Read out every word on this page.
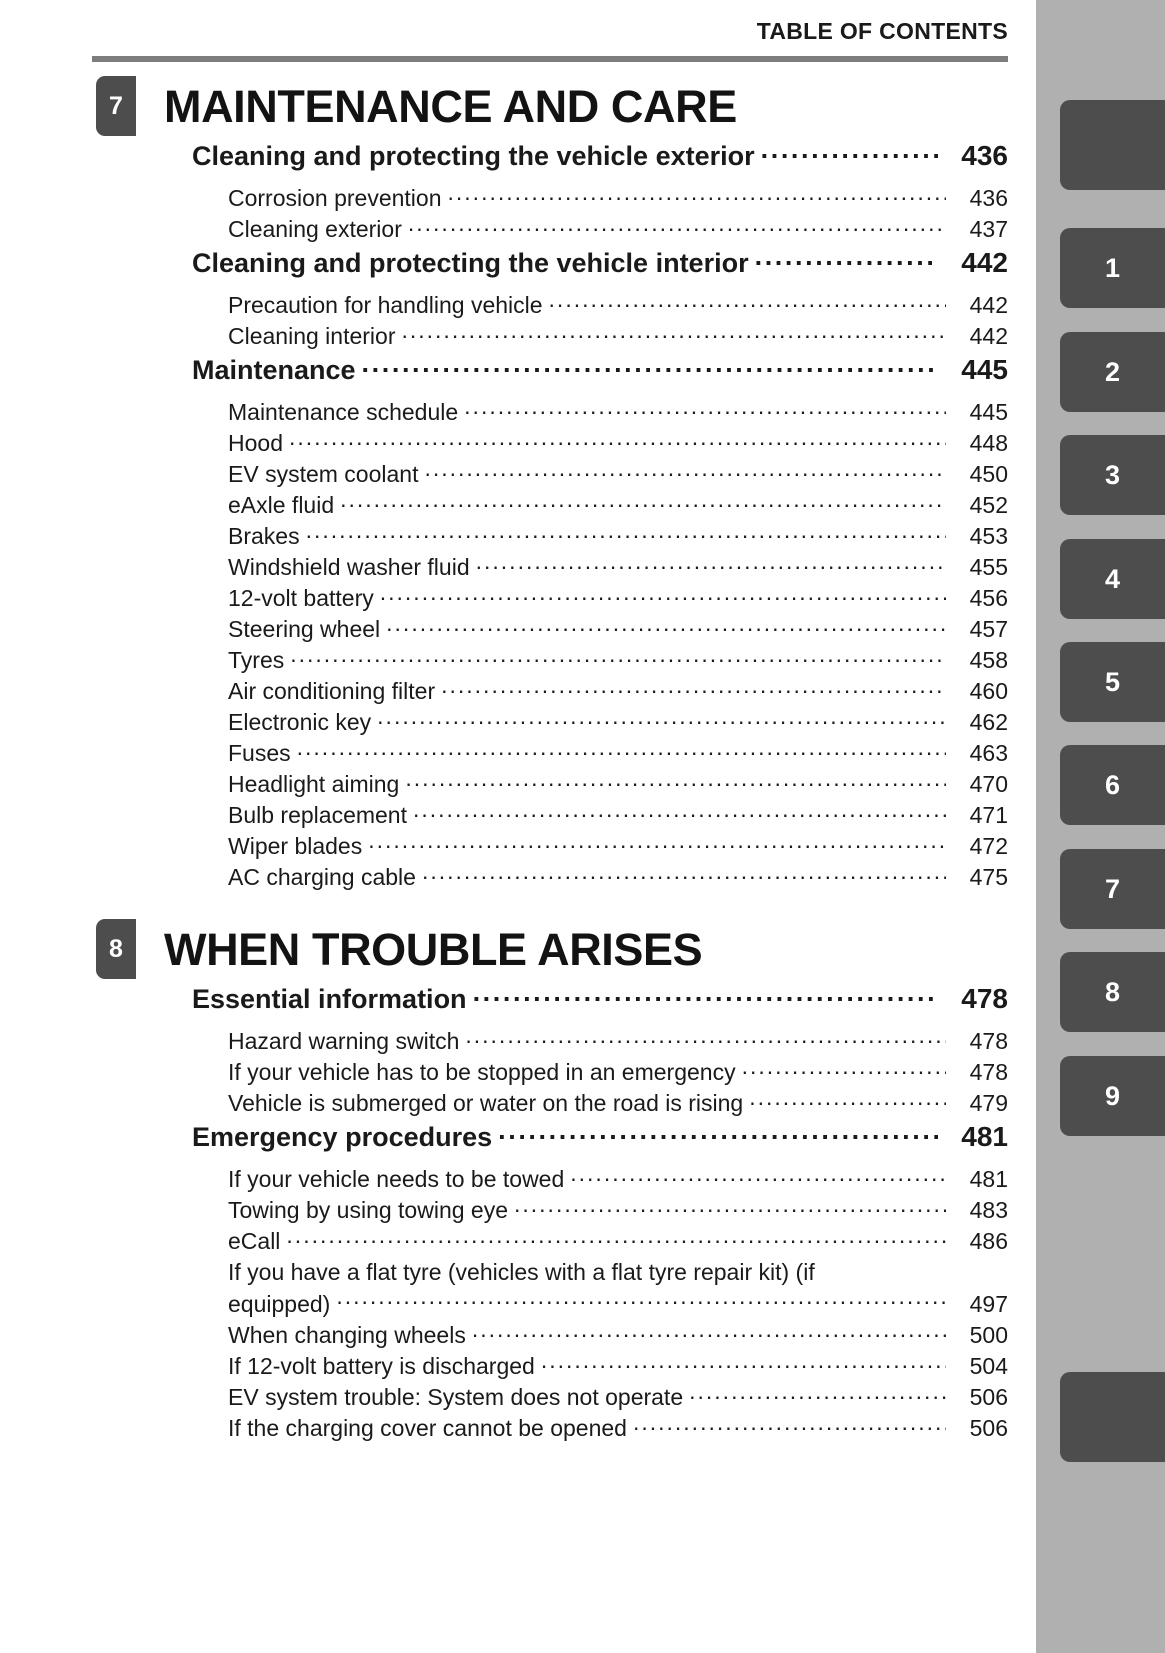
TABLE OF CONTENTS
7 MAINTENANCE AND CARE
Cleaning and protecting the vehicle exterior .....	436
Corrosion prevention .....	436
Cleaning exterior .....	437
Cleaning and protecting the vehicle interior .....	442
Precaution for handling vehicle .....	442
Cleaning interior .....	442
Maintenance .....	445
Maintenance schedule .....	445
Hood .....	448
EV system coolant .....	450
eAxle fluid .....	452
Brakes .....	453
Windshield washer fluid .....	455
12-volt battery .....	456
Steering wheel .....	457
Tyres .....	458
Air conditioning filter .....	460
Electronic key .....	462
Fuses .....	463
Headlight aiming .....	470
Bulb replacement .....	471
Wiper blades .....	472
AC charging cable .....	475
8 WHEN TROUBLE ARISES
Essential information .....	478
Hazard warning switch .....	478
If your vehicle has to be stopped in an emergency .....	478
Vehicle is submerged or water on the road is rising .....	479
Emergency procedures .....	481
If your vehicle needs to be towed .....	481
Towing by using towing eye .....	483
eCall .....	486
If you have a flat tyre (vehicles with a flat tyre repair kit) (if
equipped) .....	497
When changing wheels .....	500
If 12-volt battery is discharged .....	504
EV system trouble: System does not operate .....	506
If the charging cover cannot be opened .....	506
1
2
3
4
5
6
7
8
9
